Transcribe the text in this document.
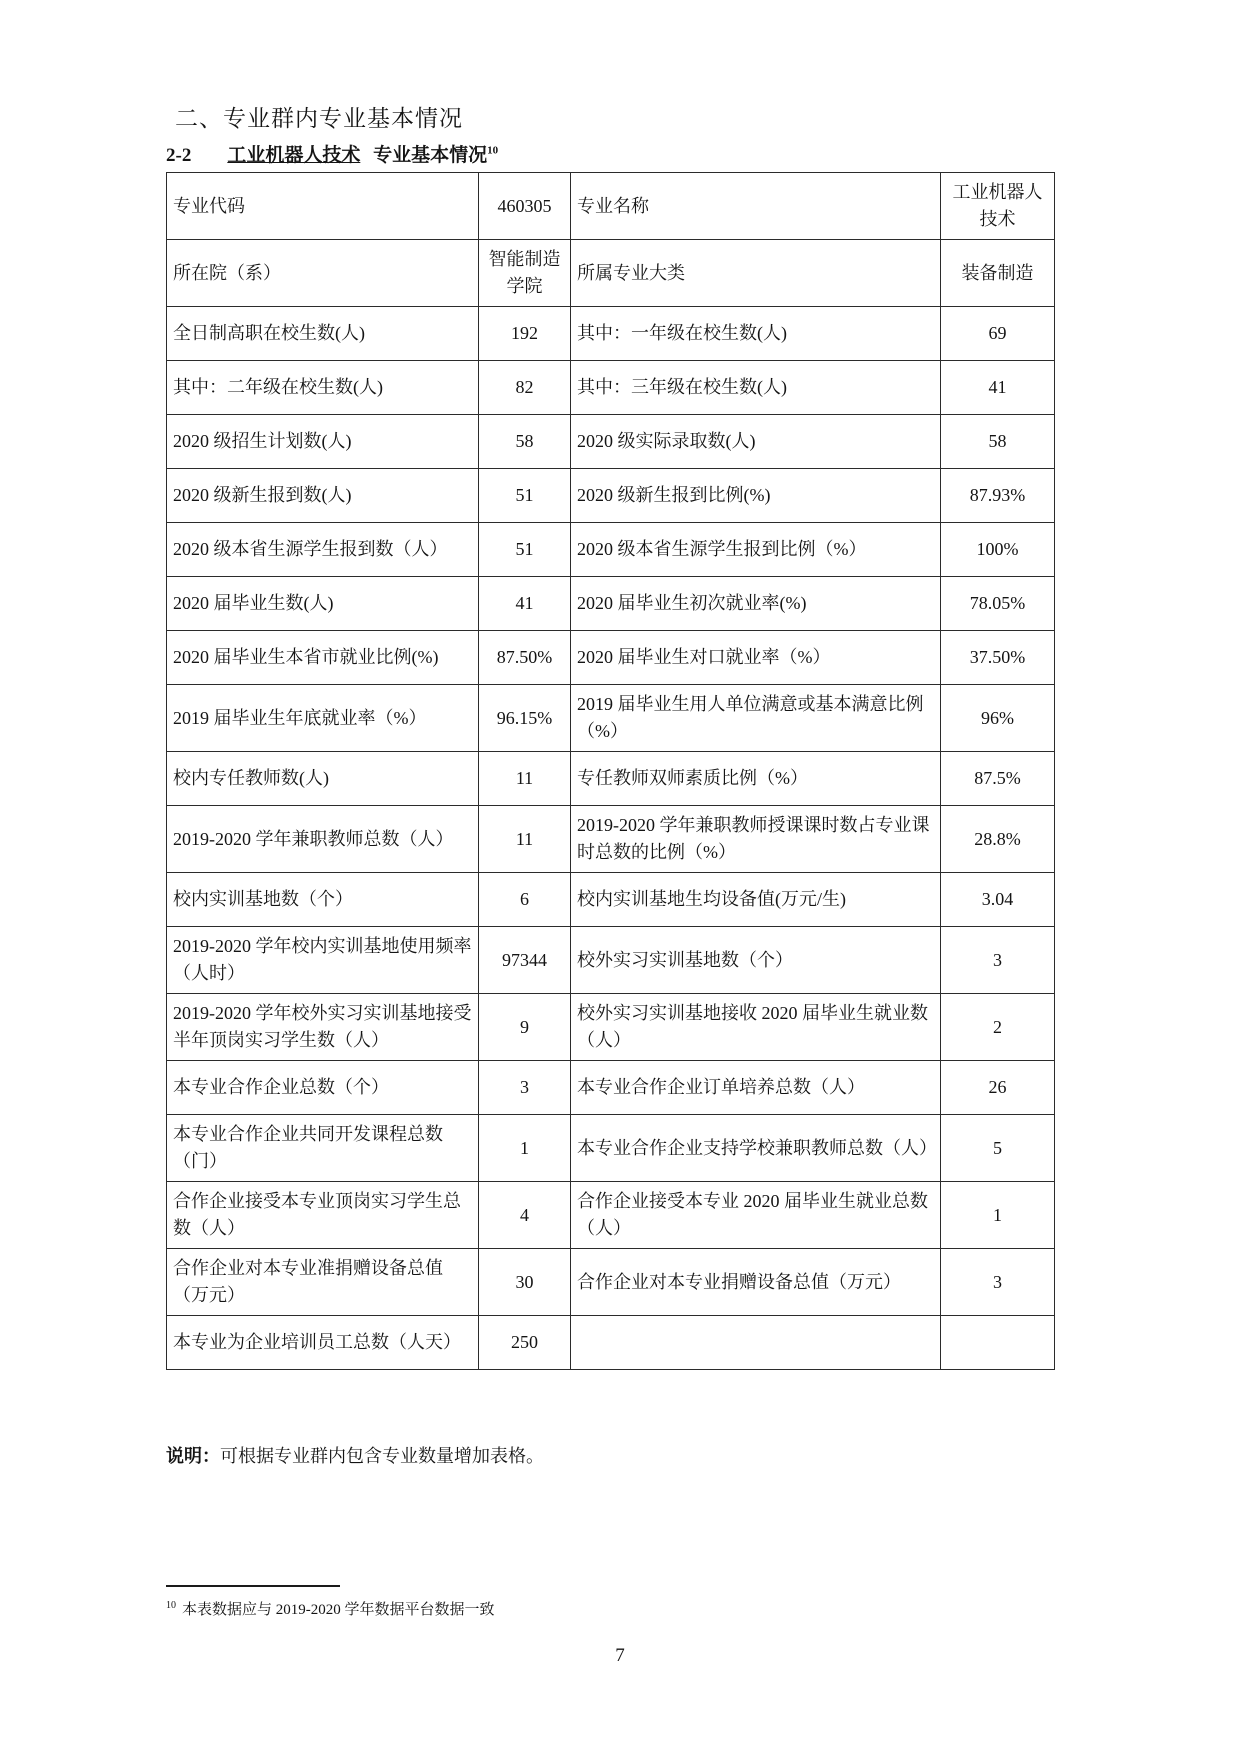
二、专业群内专业基本情况
2-2 工业机器人技术 专业基本情况$^{10}$
专业代码	460305	专业名称	工业机器人技术
所在院（系）	智能制造学院	所属专业大类	装备制造
全日制高职在校生数(人)	192	其中：一年级在校生数(人)	69
其中：二年级在校生数(人)	82	其中：三年级在校生数(人)	41
2020 级招生计划数(人)	58	2020 级实际录取数(人)	58
2020 级新生报到数(人)	51	2020 级新生报到比例(%)	87.93%
2020 级本省生源学生报到数（人）	51	2020 级本省生源学生报到比例（%）	100%
2020 届毕业生数(人)	41	2020 届毕业生初次就业率(%)	78.05%
2020 届毕业生本省市就业比例(%)	87.50%	2020 届毕业生对口就业率（%）	37.50%
2019 届毕业生年底就业率（%）	96.15%	2019 届毕业生用人单位满意或基本满意比例（%）	96%
校内专任教师数(人)	11	专任教师双师素质比例（%）	87.5%
2019-2020 学年兼职教师总数（人）	11	2019-2020 学年兼职教师授课课时数占专业课时总数的比例（%）	28.8%
校内实训基地数（个）	6	校内实训基地生均设备值(万元/生)	3.04
2019-2020 学年校内实训基地使用频率（人时）	97344	校外实习实训基地数（个）	3
2019-2020 学年校外实习实训基地接受半年顶岗实习学生数（人）	9	校外实习实训基地接收 2020 届毕业生就业数（人）	2
本专业合作企业总数（个）	3	本专业合作企业订单培养总数（人）	26
本专业合作企业共同开发课程总数（门）	1	本专业合作企业支持学校兼职教师总数（人）	5
合作企业接受本专业顶岗实习学生总数（人）	4	合作企业接受本专业 2020 届毕业生就业总数（人）	1
合作企业对本专业准捐赠设备总值（万元）	30	合作企业对本专业捐赠设备总值（万元）	3
本专业为企业培训员工总数（人天）	250		

说明：可根据专业群内包含专业数量增加表格。

$^{10}$ 本表数据应与 2019-2020 学年数据平台数据一致

7
